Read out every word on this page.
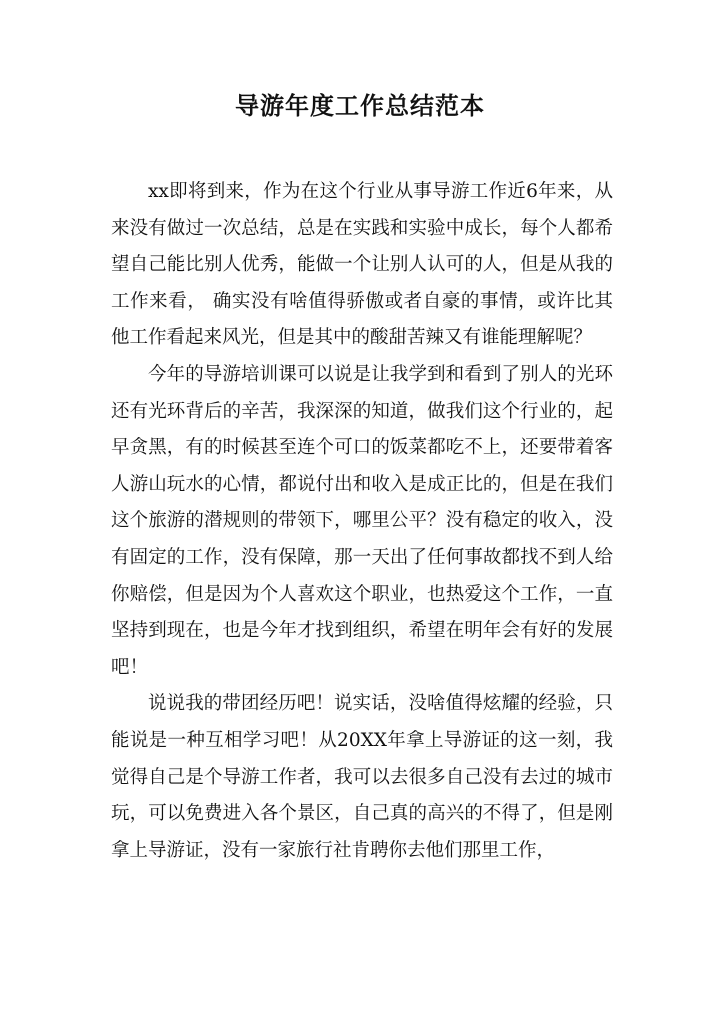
导游年度工作总结范本

xx即将到来，作为在这个行业从事导游工作近6年来，从来没有做过一次总结，总是在实践和实验中成长，每个人都希望自己能比别人优秀，能做一个让别人认可的人，但是从我的工作来看， 确实没有啥值得骄傲或者自豪的事情，或许比其他工作看起来风光，但是其中的酸甜苦辣又有谁能理解呢？

今年的导游培训课可以说是让我学到和看到了别人的光环还有光环背后的辛苦，我深深的知道，做我们这个行业的，起早贪黑，有的时候甚至连个可口的饭菜都吃不上，还要带着客人游山玩水的心情，都说付出和收入是成正比的，但是在我们这个旅游的潜规则的带领下，哪里公平？没有稳定的收入，没有固定的工作，没有保障，那一天出了任何事故都找不到人给你赔偿，但是因为个人喜欢这个职业，也热爱这个工作，一直坚持到现在，也是今年才找到组织，希望在明年会有好的发展吧！

说说我的带团经历吧！说实话，没啥值得炫耀的经验，只能说是一种互相学习吧！从20XX年拿上导游证的这一刻，我觉得自己是个导游工作者，我可以去很多自己没有去过的城市玩，可以免费进入各个景区，自己真的高兴的不得了，但是刚拿上导游证，没有一家旅行社肯聘你去他们那里工作，
